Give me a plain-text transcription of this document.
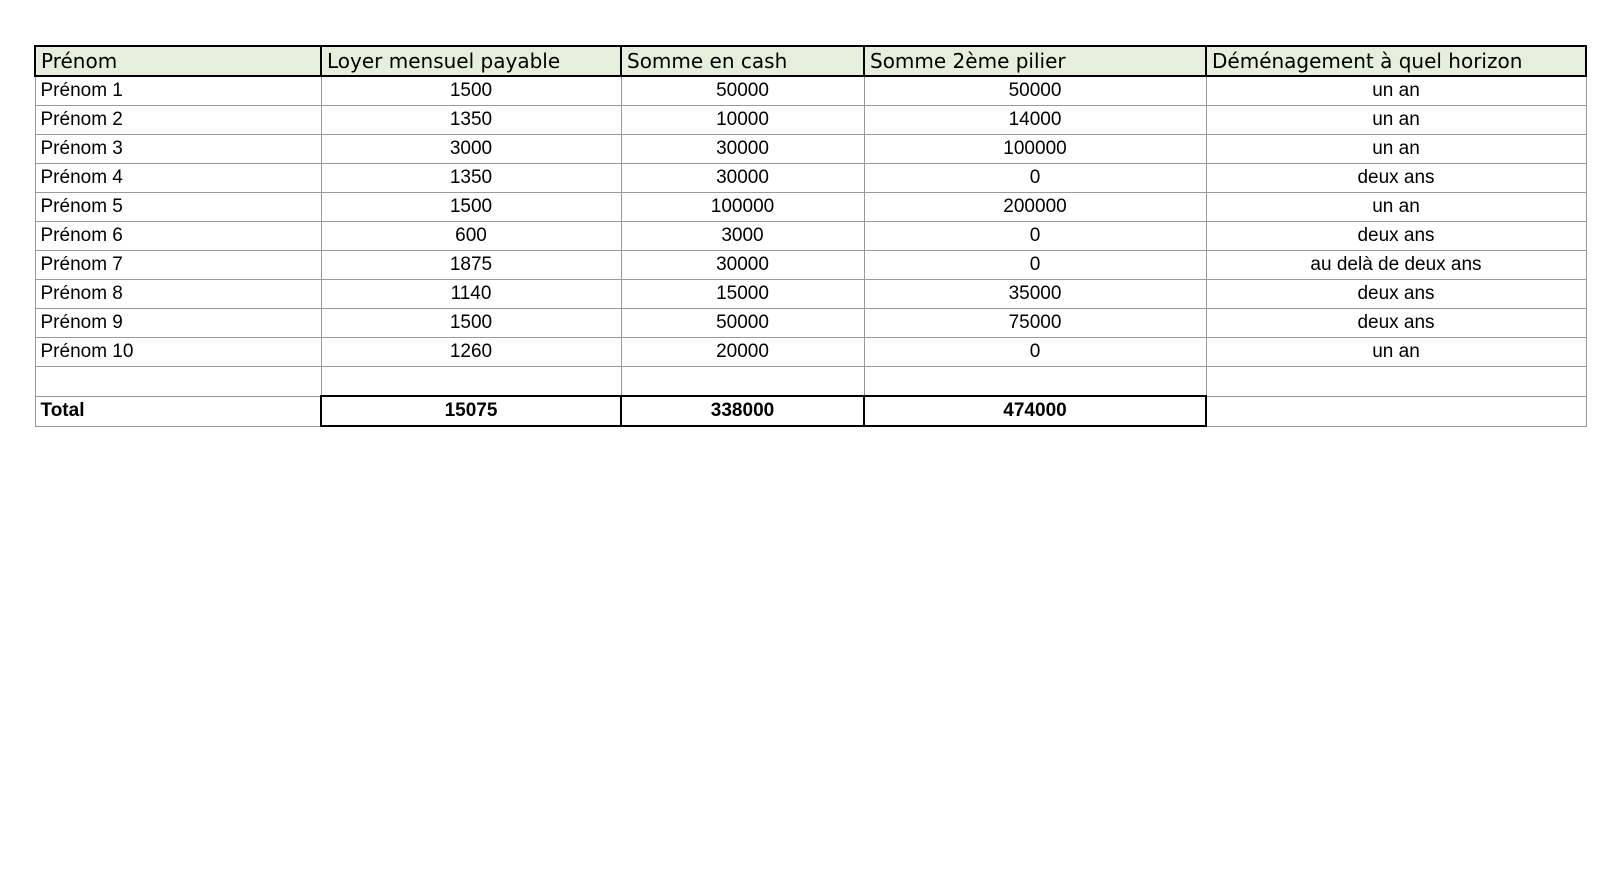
Prénom	Loyer mensuel payable	Somme en cash	Somme 2ème pilier	Déménagement à quel horizon
Prénom 1	1500	50000	50000	un an
Prénom 2	1350	10000	14000	un an
Prénom 3	3000	30000	100000	un an
Prénom 4	1350	30000	0	deux ans
Prénom 5	1500	100000	200000	un an
Prénom 6	600	3000	0	deux ans
Prénom 7	1875	30000	0	au delà de deux ans
Prénom 8	1140	15000	35000	deux ans
Prénom 9	1500	50000	75000	deux ans
Prénom 10	1260	20000	0	un an

Total	15075	338000	474000	
